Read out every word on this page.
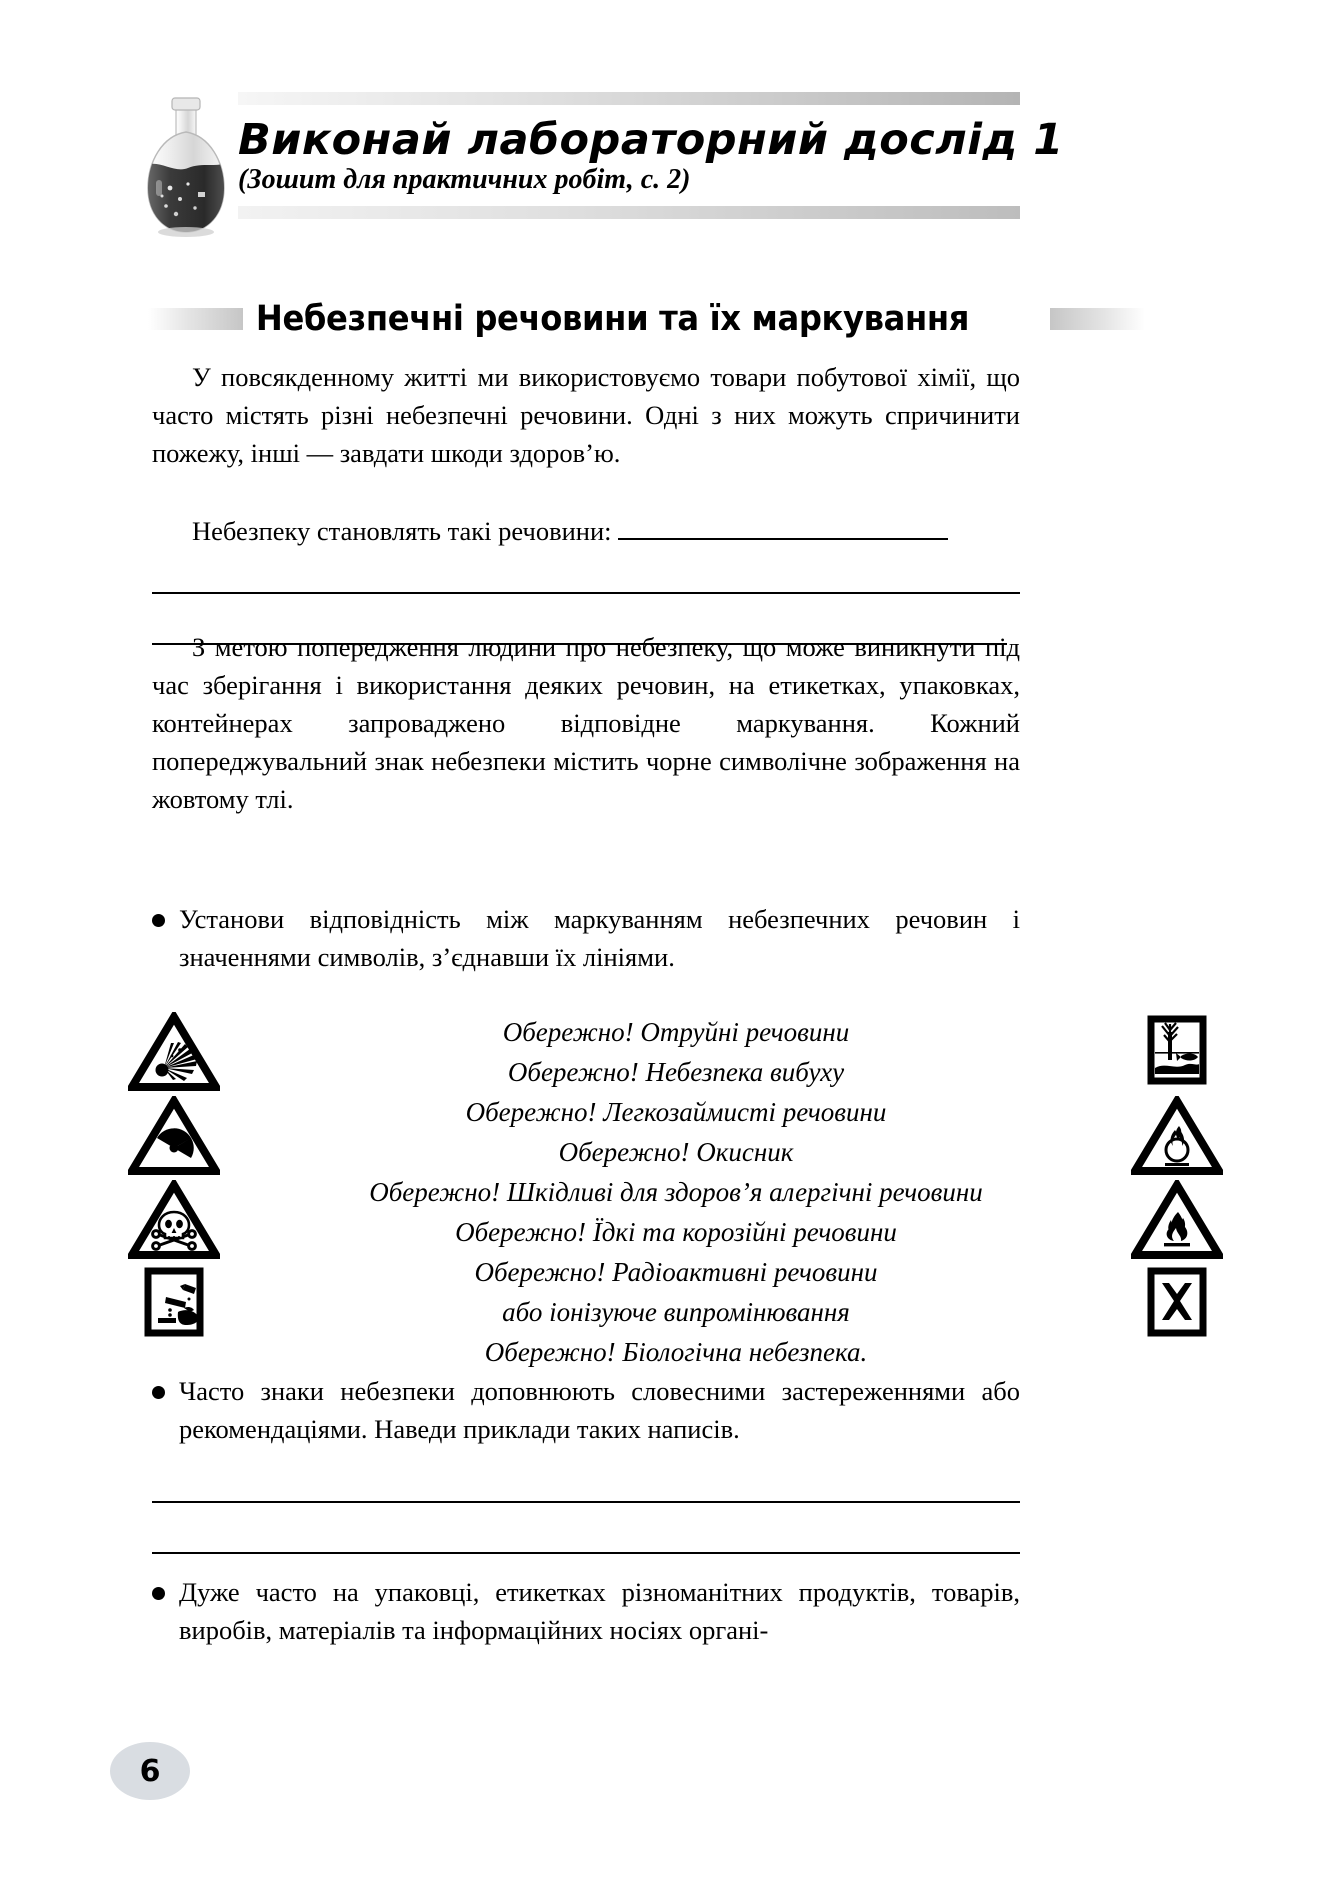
Виконай лабораторний дослід 1
(Зошит для практичних робіт, с. 2)
Небезпечні речовини та їх маркування

У повсякденному житті ми використовуємо товари побутової хімії, що часто містять різні небезпечні речовини. Одні з них можуть спричинити пожежу, інші — завдати шкоди здоров’ю.

Небезпеку становлять такі речовини:

З метою попередження людини про небезпеку, що може виникнути під час зберігання і використання деяких речовин, на етикетках, упаковках, контейнерах запроваджено відповідне маркування. Кожний попереджувальний знак небезпеки містить чорне символічне зображення на жовтому тлі.

Установи відповідність між маркуванням небезпечних речовин і значеннями символів, з’єднавши їх лініями.
Обережно! Отруйні речовини
Обережно! Небезпека вибуху
Обережно! Легкозаймисті речовини
Обережно! Окисник
Обережно! Шкідливі для здоров’я алергічні речовини
Обережно! Їдкі та корозійні речовини
Обережно! Радіоактивні речовини
або іонізуюче випромінювання
Обережно! Біологічна небезпека.
Часто знаки небезпеки доповнюють словесними застереженнями або рекомендаціями. Наведи приклади таких написів.
Дуже часто на упаковці, етикетках різноманітних продуктів, товарів, виробів, матеріалів та інформаційних носіях органі-
6
